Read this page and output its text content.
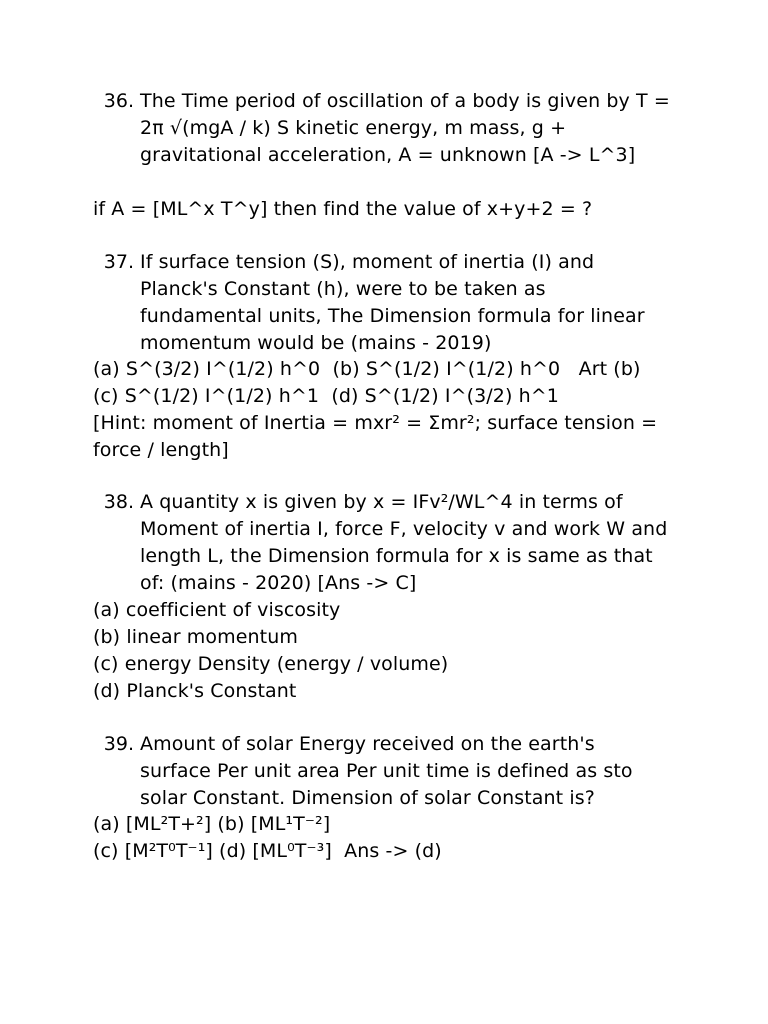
36. The Time period of oscillation of a body is given by T =
2π √(mgA / k) S kinetic energy, m mass, g +
gravitational acceleration, A = unknown [A -> L^3]
if A = [ML^x T^y] then find the value of x+y+2 = ?
37. If surface tension (S), moment of inertia (I) and
Planck's Constant (h), were to be taken as
fundamental units, The Dimension formula for linear
momentum would be (mains - 2019)
(a) S^(3/2) I^(1/2) h^0  (b) S^(1/2) I^(1/2) h^0   Art (b)
(c) S^(1/2) I^(1/2) h^1  (d) S^(1/2) I^(3/2) h^1
[Hint: moment of Inertia = mxr² = Σmr²; surface tension =
force / length]
38. A quantity x is given by x = IFv²/WL^4 in terms of
Moment of inertia I, force F, velocity v and work W and
length L, the Dimension formula for x is same as that
of: (mains - 2020) [Ans -> C]
(a) coefficient of viscosity
(b) linear momentum
(c) energy Density (energy / volume)
(d) Planck's Constant
39. Amount of solar Energy received on the earth's
surface Per unit area Per unit time is defined as sto
solar Constant. Dimension of solar Constant is?
(a) [ML²T+²] (b) [ML¹T⁻²]
(c) [M²T⁰T⁻¹] (d) [ML⁰T⁻³]  Ans -> (d)
